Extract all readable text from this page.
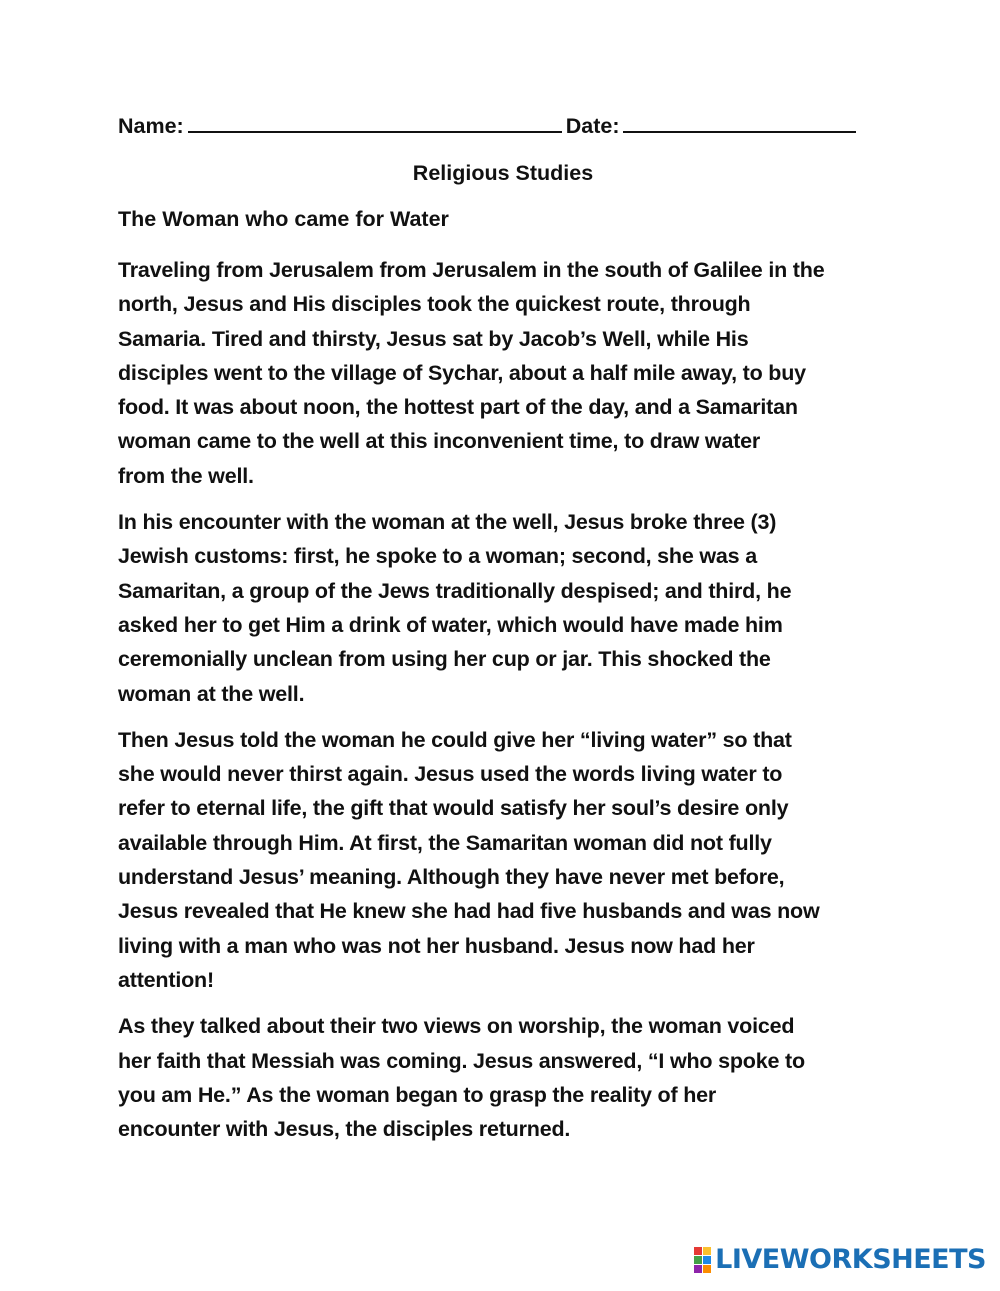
Name:	Date:
Religious Studies
The Woman who came for Water

Traveling from Jerusalem from Jerusalem in the south of Galilee in the

north, Jesus and His disciples took the quickest route, through

Samaria. Tired and thirsty, Jesus sat by Jacob’s Well, while His

disciples went to the village of Sychar, about a half mile away, to buy

food. It was about noon, the hottest part of the day, and a Samaritan

woman came to the well at this inconvenient time, to draw water

from the well.

In his encounter with the woman at the well, Jesus broke three (3)

Jewish customs: first, he spoke to a woman; second, she was a

Samaritan, a group of the Jews traditionally despised; and third, he

asked her to get Him a drink of water, which would have made him

ceremonially unclean from using her cup or jar. This shocked the

woman at the well.

Then Jesus told the woman he could give her “living water” so that

she would never thirst again. Jesus used the words living water to

refer to eternal life, the gift that would satisfy her soul’s desire only

available through Him. At first, the Samaritan woman did not fully

understand Jesus’ meaning. Although they have never met before,

Jesus revealed that He knew she had had five husbands and was now

living with a man who was not her husband. Jesus now had her

attention!

As they talked about their two views on worship, the woman voiced

her faith that Messiah was coming. Jesus answered, “I who spoke to

you am He.” As the woman began to grasp the reality of her

encounter with Jesus, the disciples returned.

LIVEWORKSHEETS
